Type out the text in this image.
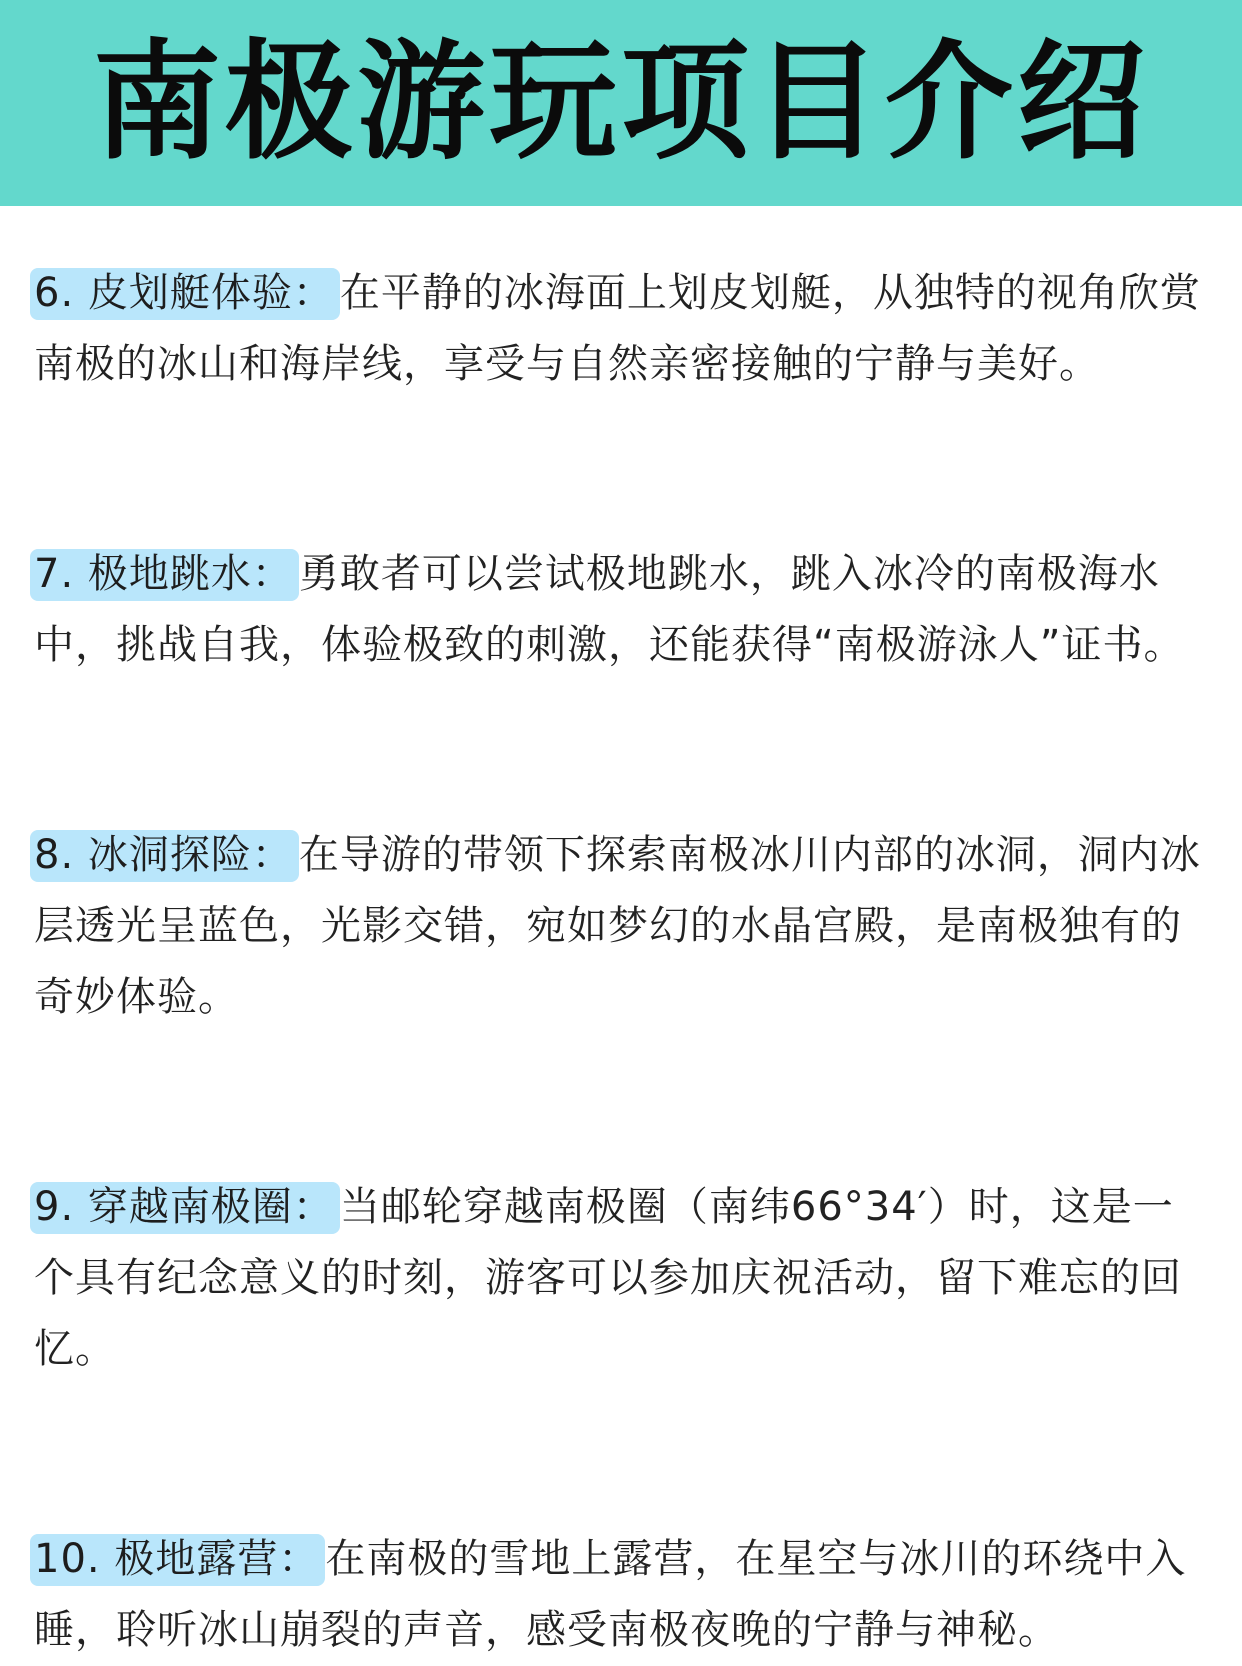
南极游玩项目介绍

6. 皮划艇体验： 在平静的冰海面上划皮划艇，从独特的视角欣赏南极的冰山和海岸线，享受与自然亲密接触的宁静与美好。

7. 极地跳水： 勇敢者可以尝试极地跳水，跳入冰冷的南极海水中，挑战自我，体验极致的刺激，还能获得“南极游泳人”证书。

8. 冰洞探险： 在导游的带领下探索南极冰川内部的冰洞，洞内冰层透光呈蓝色，光影交错，宛如梦幻的水晶宫殿，是南极独有的奇妙体验。

9. 穿越南极圈： 当邮轮穿越南极圈（南纬66°34′）时，这是一个具有纪念意义的时刻，游客可以参加庆祝活动，留下难忘的回忆。

10. 极地露营： 在南极的雪地上露营，在星空与冰川的环绕中入睡，聆听冰山崩裂的声音，感受南极夜晚的宁静与神秘。
